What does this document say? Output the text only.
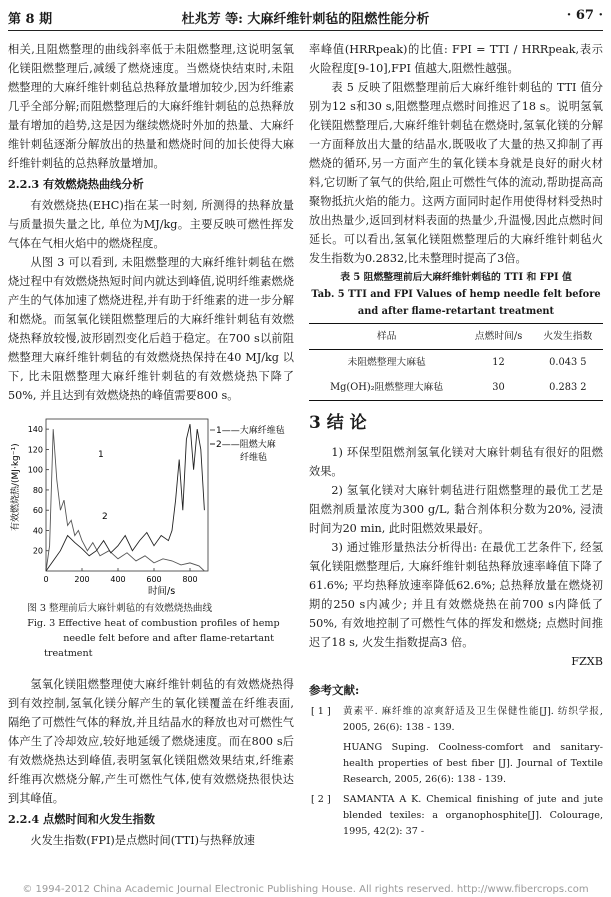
第 8 期	杜兆芳 等: 大麻纤维针刺毡的阻燃性能分析	· 67 ·

相关,且阻燃整理的曲线斜率低于未阻燃整理,这说明氢氧化镁阻燃整理后,减缓了燃烧速度。当燃烧快结束时,未阻燃整理的大麻纤维针刺毡总热释放量增加较少,因为纤维素几乎全部分解;而阻燃整理后的大麻纤维针刺毡的总热释放量有增加的趋势,这是因为继续燃烧时外加的热量、大麻纤维针刺毡逐渐分解放出的热量和燃烧时间的加长使得大麻纤维针刺毡的总热释放量增加。

2.2.3 有效燃烧热曲线分析

有效燃烧热(EHC)指在某一时刻, 所测得的热释放量与质量损失量之比, 单位为MJ/kg。主要反映可燃性挥发气体在气相火焰中的燃烧程度。

从图 3 可以看到, 未阻燃整理的大麻纤维针刺毡在燃烧过程中有效燃烧热短时间内就达到峰值,说明纤维素燃烧产生的气体加速了燃烧进程,并有助于纤维素的进一步分解和燃烧。而氢氧化镁阻燃整理后的大麻纤维针刺毡有效燃烧热释放较慢,波形剧烈变化后趋于稳定。在700 s以前阻燃整理大麻纤维针刺毡的有效燃烧热保持在40 MJ/kg 以下, 比未阻燃整理大麻纤维针刺毡的有效燃烧热下降了50%, 并且达到有效燃烧热的峰值需要800 s。

20
40
60
80
100
120
140
0	200	400	600	800
有效燃烧热/(MJ·kg⁻¹)
时间/s
1——大麻纤维毡
2——阻燃大麻
纤维毡
1
2

图 3 整理前后大麻针刺毡的有效燃烧热曲线

Fig. 3 Effective heat of combustion profiles of hemp

needle felt before and after flame-retartant treatment

氢氧化镁阻燃整理使大麻纤维针刺毡的有效燃烧热得到有效控制,氢氧化镁分解产生的氧化镁覆盖在纤维表面,隔绝了可燃性气体的释放,并且结晶水的释放也对可燃性气体产生了冷却效应,较好地延缓了燃烧速度。而在800 s后有效燃烧热达到峰值,表明氢氧化镁阻燃效果结束,纤维素纤维再次燃烧分解,产生可燃性气体,使有效燃烧热很快达到其峰值。

2.2.4 点燃时间和火发生指数

火发生指数(FPI)是点燃时间(TTI)与热释放速

率峰值(HRRpeak)的比值: FPI = TTI / HRRpeak,表示火险程度[9-10],FPI 值越大,阻燃性越强。

表 5 反映了阻燃整理前后大麻纤维针刺毡的 TTI 值分别为12 s和30 s,阻燃整理点燃时间推迟了18 s。说明氢氧化镁阻燃整理后,大麻纤维针刺毡在燃烧时,氢氧化镁的分解一方面释放出大量的结晶水,既吸收了大量的热又抑制了再燃烧的循环,另一方面产生的氧化镁本身就是良好的耐火材料,它切断了氧气的供给,阻止可燃性气体的流动,帮助提高高聚物抵抗火焰的能力。这两方面同时起作用使得材料受热时放出热量少,返回到材料表面的热量少,升温慢,因此点燃时间延长。可以看出,氢氧化镁阻燃整理后的大麻纤维针刺毡火发生指数为0.2832,比未整理时提高了3倍。

表 5 阻燃整理前后大麻纤维针刺毡的 TTI 和 FPI 值
Tab. 5 TTI and FPI Values of hemp needle felt before
and after flame-retartant treatment
样品	点燃时间/s	火发生指数
未阻燃整理大麻毡	12	0.043 5
Mg(OH)₂阻燃整理大麻毡	30	0.283 2
3 结 论

1) 环保型阻燃剂氢氧化镁对大麻针刺毡有很好的阻燃效果。

2) 氢氧化镁对大麻针刺毡进行阻燃整理的最优工艺是阻燃剂质量浓度为300 g/L, 黏合剂体积分数为20%, 浸渍时间为20 min, 此时阻燃效果最好。

3) 通过锥形量热法分析得出: 在最优工艺条件下, 经氢氧化镁阻燃整理后, 大麻纤维针刺毡热释放速率峰值下降了 61.6%; 平均热释放速率降低62.6%; 总热释放量在燃烧初期的250 s内减少; 并且有效燃烧热在前700 s内降低了50%, 有效地控制了可燃性气体的挥发和燃烧; 点燃时间推迟了18 s, 火发生指数提高3 倍。

FZXB
参考文献:
[ 1 ] 黄素平. 麻纤维的凉爽舒适及卫生保健性能[J]. 纺织学报, 2005, 26(6): 138 - 139.
HUANG Suping. Coolness-comfort and sanitary-health properties of best fiber [J]. Journal of Textile Research, 2005, 26(6): 138 - 139.
[ 2 ] SAMANTA A K. Chemical finishing of jute and jute blended texiles: a organophosphite[J]. Colourage, 1995, 42(2): 37 -
© 1994-2012 China Academic Journal Electronic Publishing House. All rights reserved. http://www.fibercrops.com
